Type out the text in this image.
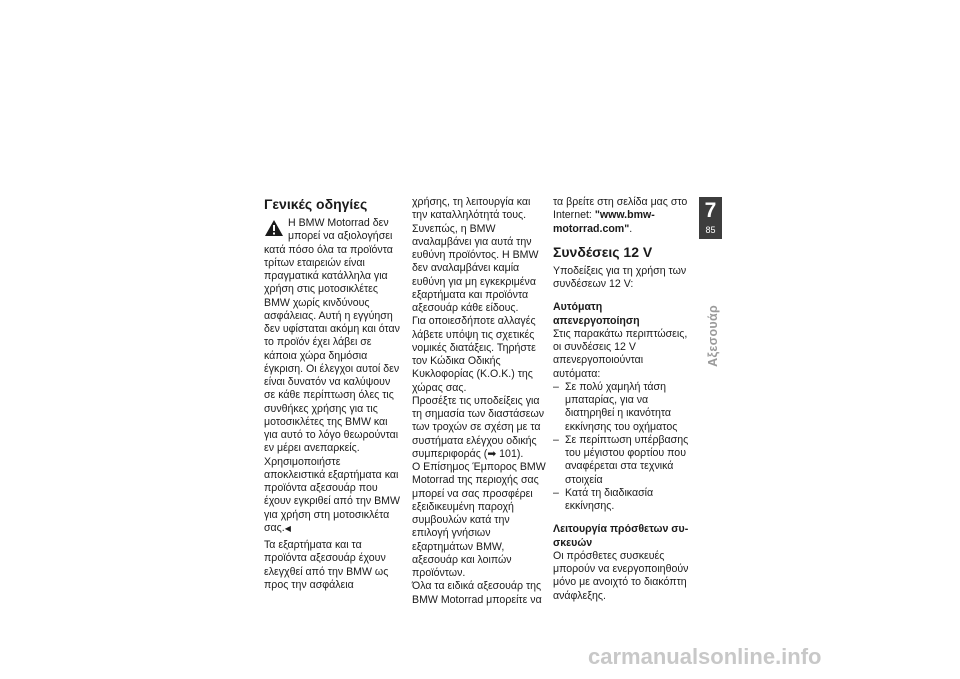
Γενικές οδηγίες

Η BMW Motorrad δεν μπορεί να αξιολογήσει κατά πόσο όλα τα προϊόντα τρίτων εταιρειών είναι πραγματικά κατάλληλα για χρήση στις μοτοσικλέτες BMW χωρίς κινδύνους ασφάλειας. Αυτή η εγγύηση δεν υφίσταται ακόμη και όταν το προϊόν έχει λάβει σε κάποια χώρα δημόσια έγκριση. Οι έλεγχοι αυτοί δεν είναι δυνατόν να καλύψουν σε κάθε περίπτωση όλες τις συνθήκες χρήσης για τις μοτοσικλέτες της BMW και για αυτό το λόγο θεωρούνται εν μέρει ανεπαρκείς.

Χρησιμοποιήστε αποκλειστικά εξαρτήματα και προϊόντα αξεσουάρ που έχουν εγκριθεί από την BMW για χρήση στη μοτοσικλέτα σας.◀

Τα εξαρτήματα και τα προϊόντα αξεσουάρ έχουν ελεγχθεί από την BMW ως προς την ασφάλεια

χρήσης, τη λειτουργία και την καταλληλότητά τους. Συνεπώς, η BMW αναλαμβάνει για αυτά την ευθύνη προϊόντος. Η BMW δεν αναλαμβάνει καμία ευθύνη για μη εγκεκριμένα εξαρτήματα και προϊόντα αξεσουάρ κάθε είδους.

Για οποιεσδήποτε αλλαγές λάβετε υπόψη τις σχετικές νομικές διατάξεις. Τηρήστε τον Κώδικα Οδικής Κυκλοφορίας (Κ.Ο.Κ.) της χώρας σας.

Προσέξτε τις υποδείξεις για τη σημασία των διαστάσεων των τροχών σε σχέση με τα συστήματα ελέγχου οδικής συμπεριφοράς (➡ 101).

Ο Επίσημος Έμπορος BMW Motorrad της περιοχής σας μπορεί να σας προσφέρει εξειδικευμένη παροχή συμβουλών κατά την επιλογή γνήσιων εξαρτημάτων BMW, αξεσουάρ και λοιπών προϊόντων.

Όλα τα ειδικά αξεσουάρ της BMW Motorrad μπορείτε να

τα βρείτε στη σελίδα μας στο Internet: "www.bmw-motorrad.com".

Συνδέσεις 12 V

Υποδείξεις για τη χρήση των συνδέσεων 12 V:

Αυτόματη απενεργοποίηση

Στις παρακάτω περιπτώσεις, οι συνδέσεις 12 V απενεργοποιούνται αυτόματα:

– Σε πολύ χαμηλή τάση μπαταρίας, για να διατηρηθεί η ικανότητα εκκίνησης του οχήματος
– Σε περίπτωση υπέρβασης του μέγιστου φορτίου που αναφέρεται στα τεχνικά στοιχεία
– Κατά τη διαδικασία εκκίνησης.
Λειτουργία πρόσθετων συσκευών

Οι πρόσθετες συσκευές μπορούν να ενεργοποιηθούν μόνο με ανοιχτό το διακόπτη ανάφλεξης.

7
85
Αξεσουάρ
carmanualsonline.info
